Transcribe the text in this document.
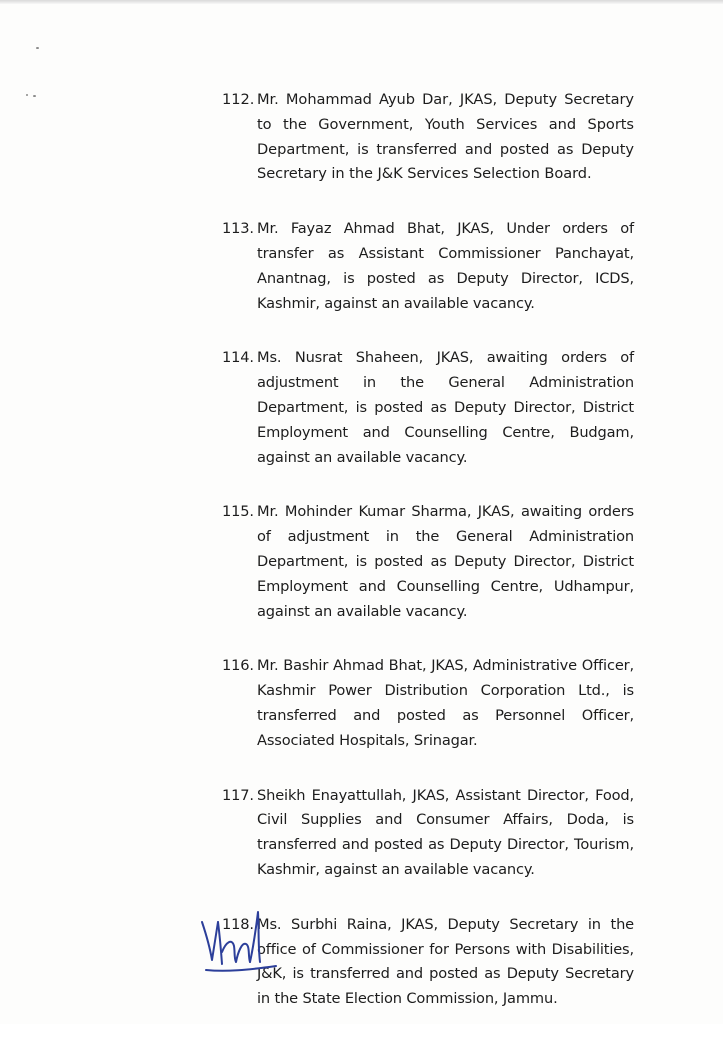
112. Mr. Mohammad Ayub Dar, JKAS, Deputy Secretary to the Government, Youth Services and Sports Department, is transferred and posted as Deputy Secretary in the J&K Services Selection Board.
113. Mr. Fayaz Ahmad Bhat, JKAS, Under orders of transfer as Assistant Commissioner Panchayat, Anantnag, is posted as Deputy Director, ICDS, Kashmir, against an available vacancy.
114. Ms. Nusrat Shaheen, JKAS, awaiting orders of adjustment in the General Administration Department, is posted as Deputy Director, District Employment and Counselling Centre, Budgam, against an available vacancy.
115. Mr. Mohinder Kumar Sharma, JKAS, awaiting orders of adjustment in the General Administration Department, is posted as Deputy Director, District Employment and Counselling Centre, Udhampur, against an available vacancy.
116. Mr. Bashir Ahmad Bhat, JKAS, Administrative Officer, Kashmir Power Distribution Corporation Ltd., is transferred and posted as Personnel Officer, Associated Hospitals, Srinagar.
117. Sheikh Enayattullah, JKAS, Assistant Director, Food, Civil Supplies and Consumer Affairs, Doda, is transferred and posted as Deputy Director, Tourism, Kashmir, against an available vacancy.
118. Ms. Surbhi Raina, JKAS, Deputy Secretary in the office of Commissioner for Persons with Disabilities, J&K, is transferred and posted as Deputy Secretary in the State Election Commission, Jammu.
